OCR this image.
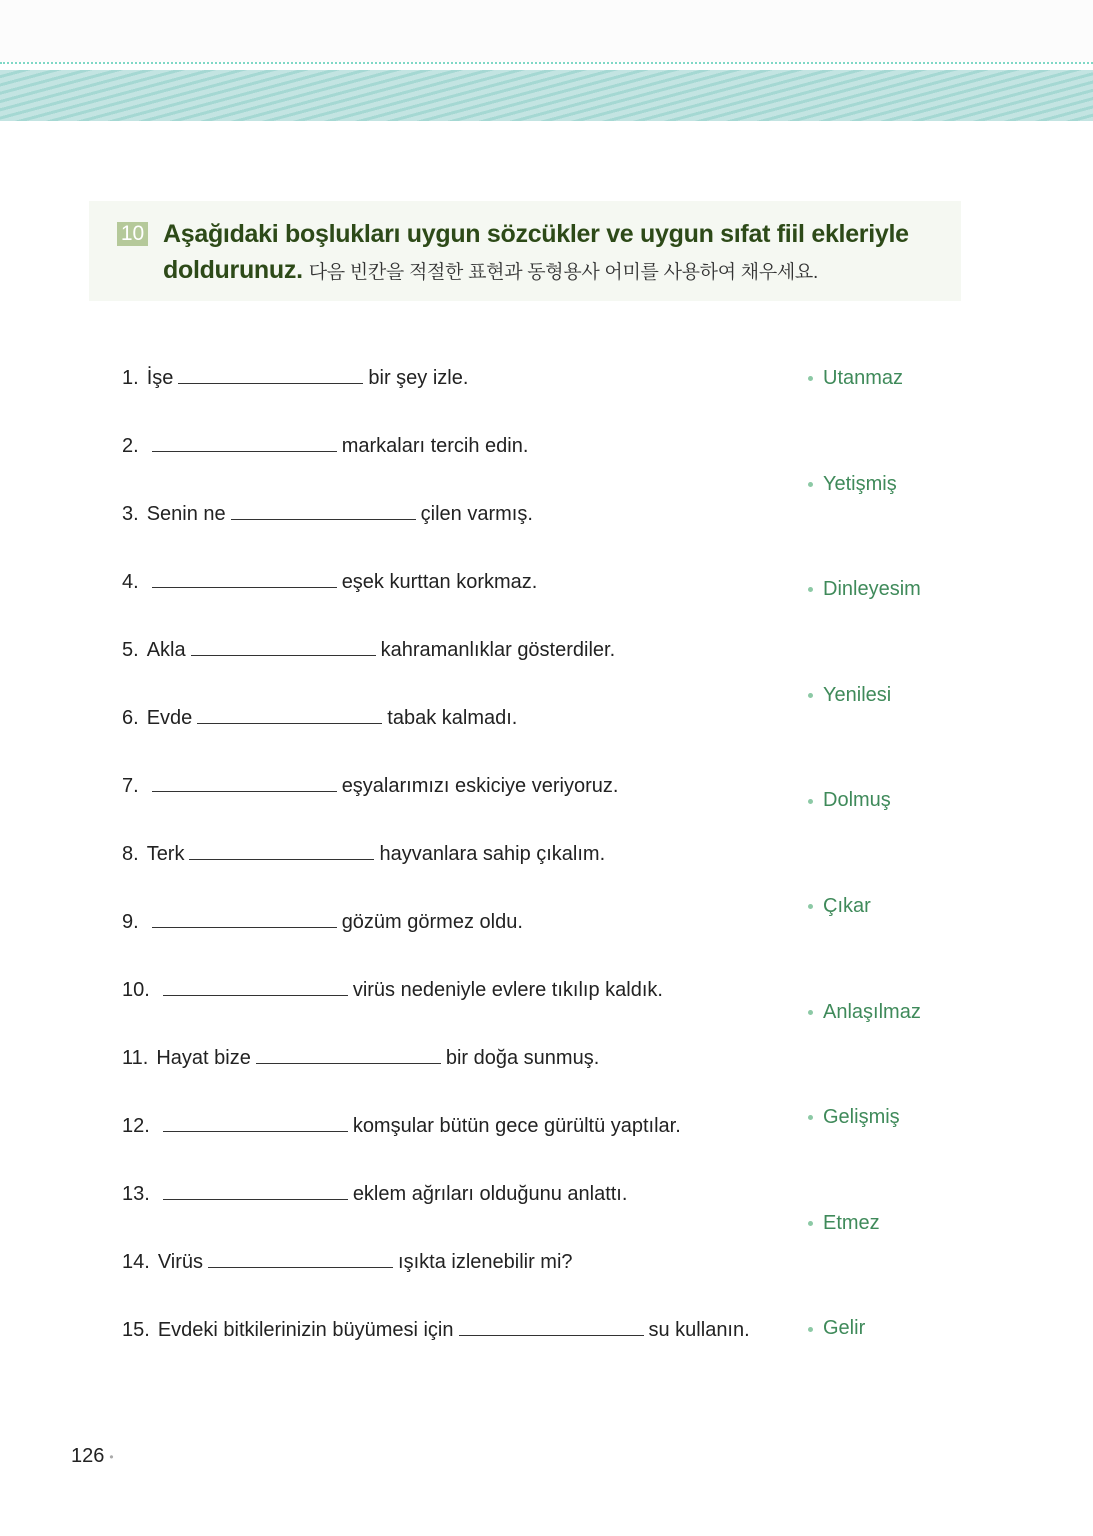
10 Aşağıdaki boşlukları uygun sözcükler ve uygun sıfat fiil ekleriyle doldurunuz. 다음 빈칸을 적절한 표현과 동형용사 어미를 사용하여 채우세요.
1. İşe	bir şey izle.
2.	markaları tercih edin.
3. Senin ne	çilen varmış.
4.	eşek kurttan korkmaz.
5. Akla	kahramanlıklar gösterdiler.
6. Evde	tabak kalmadı.
7.	eşyalarımızı eskiciye veriyoruz.
8. Terk	hayvanlara sahip çıkalım.
9.	gözüm görmez oldu.
10.	virüs nedeniyle evlere tıkılıp kaldık.
11. Hayat bize	bir doğa sunmuş.
12.	komşular bütün gece gürültü yaptılar.
13.	eklem ağrıları olduğunu anlattı.
14. Virüs	ışıkta izlenebilir mi?
15. Evdeki bitkilerinizin büyümesi için	su kullanın.
Utanmaz
Yetişmiş
Dinleyesim
Yenilesi
Dolmuş
Çıkar
Anlaşılmaz
Gelişmiş
Etmez
Gelir
126 •
